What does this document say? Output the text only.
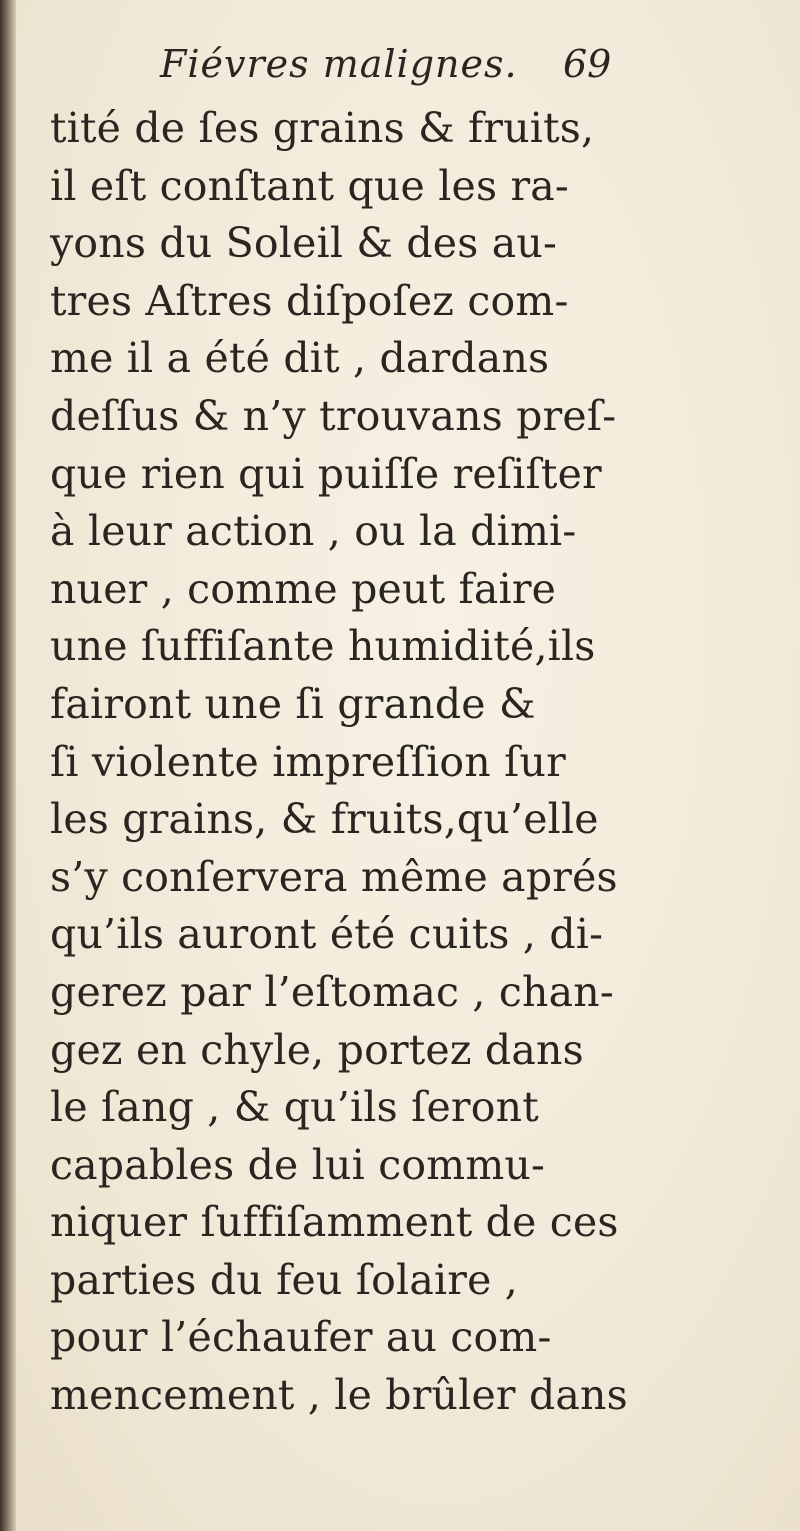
Fiévres malignes. 69
tité de ſes grains & fruits,
il eſt conſtant que les ra-
yons du Soleil & des au-
tres Aſtres diſpoſez com-
me il a été dit , dardans
deſſus & n’y trouvans preſ-
que rien qui puiſſe reſiſter
à leur action , ou la dimi-
nuer , comme peut faire
une ſuffiſante humidité,ils
fairont une ſi grande &
ſi violente impreſſion ſur
les grains, & fruits,qu’elle
s’y conſervera même aprés
qu’ils auront été cuits , di-
gerez par l’eſtomac , chan-
gez en chyle, portez dans
le ſang , & qu’ils ſeront
capables de lui commu-
niquer ſuffiſamment de ces
parties du feu ſolaire ,
pour l’échaufer au com-
mencement , le brûler dans
